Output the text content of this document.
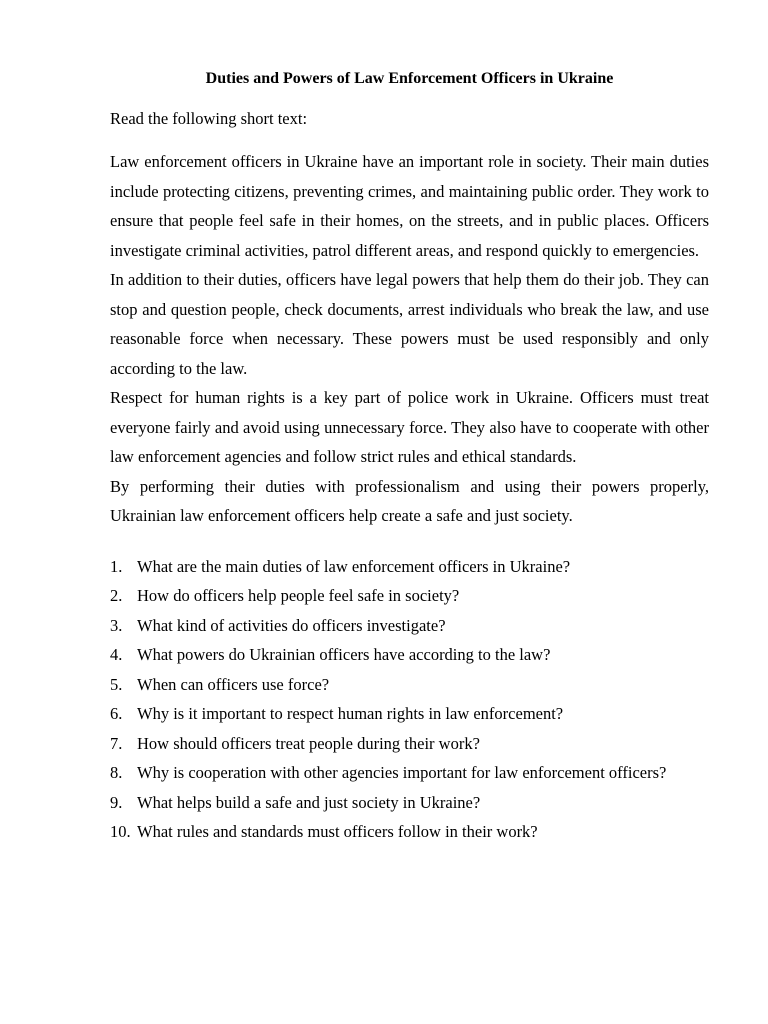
Duties and Powers of Law Enforcement Officers in Ukraine
Read the following short text:

Law enforcement officers in Ukraine have an important role in society. Their main duties include protecting citizens, preventing crimes, and maintaining public order. They work to ensure that people feel safe in their homes, on the streets, and in public places. Officers investigate criminal activities, patrol different areas, and respond quickly to emergencies.

In addition to their duties, officers have legal powers that help them do their job. They can stop and question people, check documents, arrest individuals who break the law, and use reasonable force when necessary. These powers must be used responsibly and only according to the law.

Respect for human rights is a key part of police work in Ukraine. Officers must treat everyone fairly and avoid using unnecessary force. They also have to cooperate with other law enforcement agencies and follow strict rules and ethical standards.

By performing their duties with professionalism and using their powers properly, Ukrainian law enforcement officers help create a safe and just society.

1. What are the main duties of law enforcement officers in Ukraine?
2. How do officers help people feel safe in society?
3. What kind of activities do officers investigate?
4. What powers do Ukrainian officers have according to the law?
5. When can officers use force?
6. Why is it important to respect human rights in law enforcement?
7. How should officers treat people during their work?
8. Why is cooperation with other agencies important for law enforcement officers?
9. What helps build a safe and just society in Ukraine?
10. What rules and standards must officers follow in their work?
